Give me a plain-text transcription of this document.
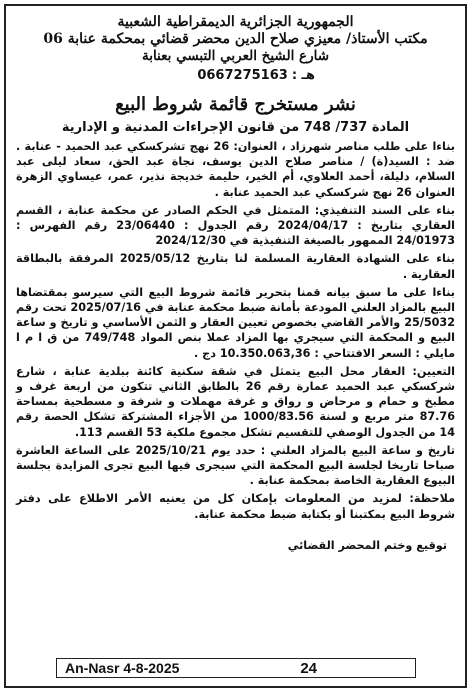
الجمهورية الجزائرية الديمقراطية الشعبية
مكتب الأستاذ/ معيزي صلاح الدين محضر قضائي بمحكمة عنابة 06
شارع الشيخ العربي التبسي بعنابة
هـ :
0667275163
نشر مستخرج قائمة شروط البيع
المادة 737/ 748 من قانون الإجراءات المدنية و الإدارية

بناءا على طلب مناصر شهرزاد ، العنوان: 26 نهج تشركسكي عبد الحميد - عنابة . ضد : السيد(ة) / مناصر صلاح الدين يوسف، نجاة عبد الحق، سعاد ليلى عبد السلام، دليلة، أحمد العلاوي، أم الخير، حليمة خديجة نذير، عمر، عيساوي الزهرة العنوان 26 نهج شركسكي عبد الحميد عنابة .

بناء على السند التنفيذي: المتمثل في الحكم الصادر عن محكمة عنابة ، القسم العقاري بتاريخ : 2024/04/17 رقم الجدول : 23/06440 رقم الفهرس : 24/01973 الممهور بالصيغة التنفيذية في 2024/12/30

بناء على الشهادة العقارية المسلمة لنا بتاريخ 2025/05/12 المرفقة بالبطاقة العقارية .

بناءا على ما سبق بيانه قمنا بتحرير قائمة شروط البيع التي سيرسو بمقتضاها البيع بالمزاد العلني المودعة بأمانة ضبط محكمة عنابة في 2025/07/16 تحت رقم 25/5032 والأمر القاضي بخصوص تعيين العقار و الثمن الأساسي و تاريخ و ساعة البيع و المحكمة التي سيجري بها المزاد عملا بنص المواد 749/748 من ق ا م ا مايلي : السعر الافتتاحي : 10.350.063,36 دج .

التعيين: العقار محل البيع يتمثل في شقة سكنية كائنة ببلدية عنابة ، شارع شركسكي عبد الحميد عمارة رقم 26 بالطابق الثاني تتكون من اربعة غرف و مطبخ و حمام و مرحاض و رواق و غرفة مهملات و شرفة و مسطحية بمساحة 87.76 متر مربع و لسنة 1000/83.56 من الأجزاء المشتركة تشكل الحصة رقم 14 من الجدول الوصفي للتقسيم تشكل مجموع ملكية 53 القسم 113.

تاريخ و ساعة البيع بالمزاد العلني : حدد يوم 2025/10/21 على الساعة العاشرة صباحا تاريخا لجلسة البيع المحكمة التي سيجرى فيها البيع تجرى المزايدة بجلسة البيوع العقارية الخاصة بمحكمة عنابة .

ملاحظة: لمزيد من المعلومات بإمكان كل من يعنيه الأمر الاطلاع على دفتر شروط البيع بمكتبنا أو بكتابة ضبط محكمة عنابة.

توقيع وختم المحضر القضائي
An-Nasr 4-8-2025	24
